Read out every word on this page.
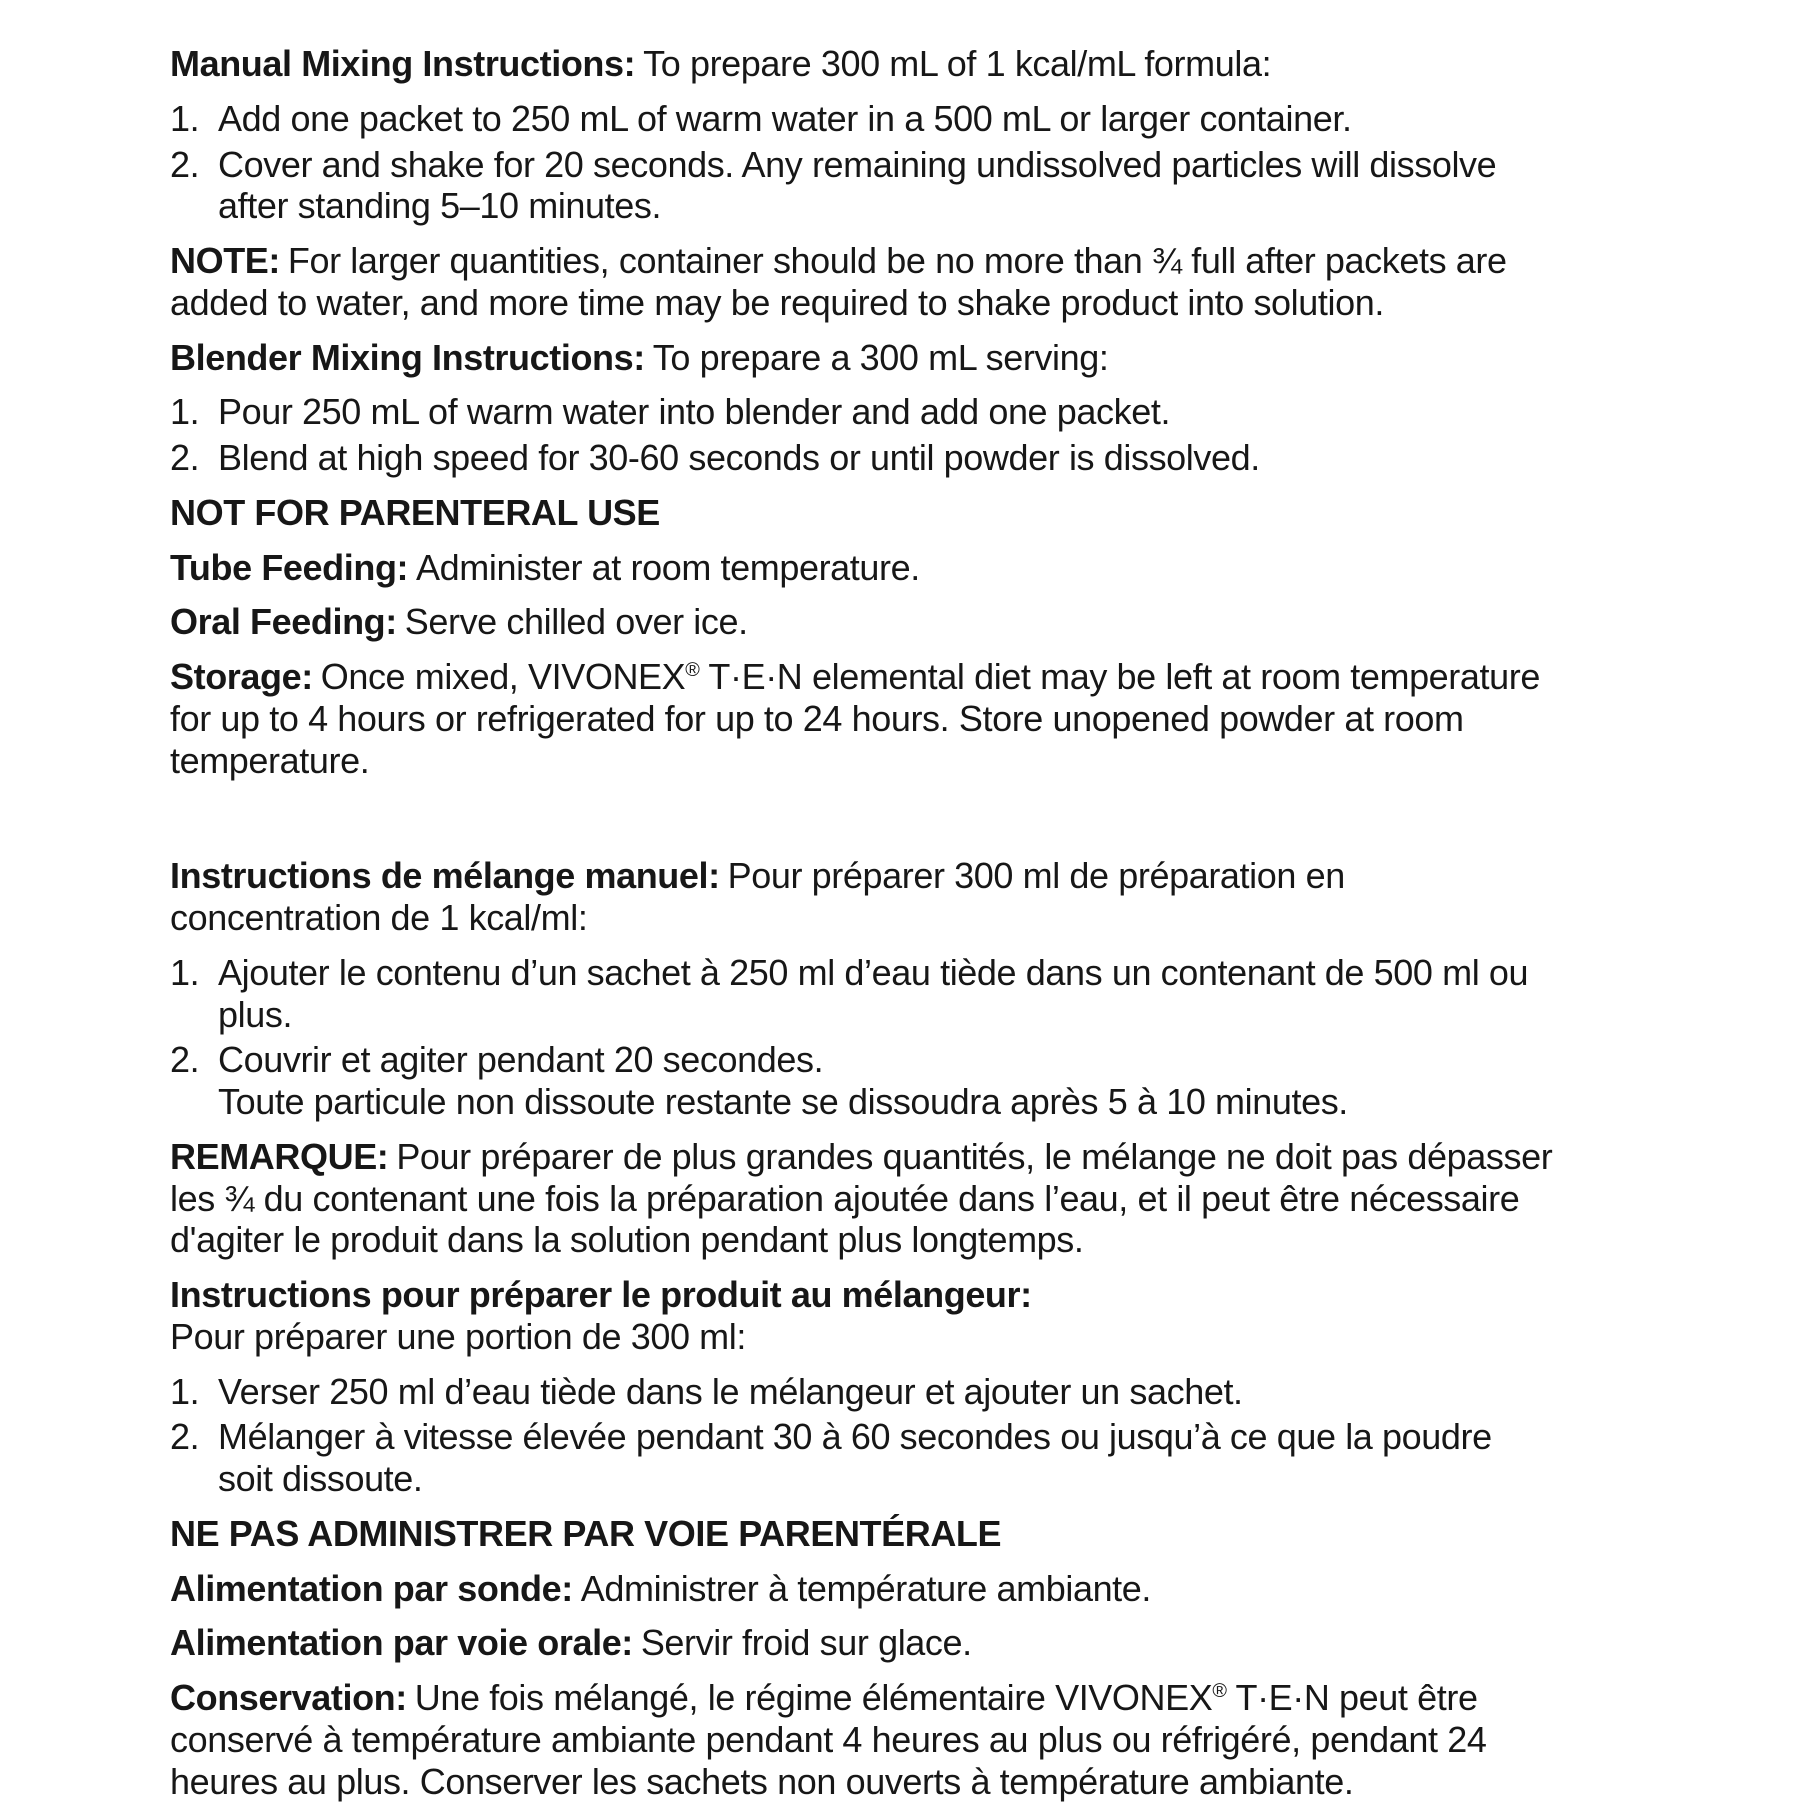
Manual Mixing Instructions: To prepare 300 mL of 1 kcal/mL formula:
1. Add one packet to 250 mL of warm water in a 500 mL or larger container.
2. Cover and shake for 20 seconds. Any remaining undissolved particles will dissolve after standing 5–10 minutes.
NOTE: For larger quantities, container should be no more than ¾ full after packets are added to water, and more time may be required to shake product into solution.
Blender Mixing Instructions: To prepare a 300 mL serving:
1. Pour 250 mL of warm water into blender and add one packet.
2. Blend at high speed for 30-60 seconds or until powder is dissolved.
NOT FOR PARENTERAL USE
Tube Feeding: Administer at room temperature.
Oral Feeding: Serve chilled over ice.
Storage: Once mixed, VIVONEX® T·E·N elemental diet may be left at room temperature for up to 4 hours or refrigerated for up to 24 hours. Store unopened powder at room temperature.
Instructions de mélange manuel: Pour préparer 300 ml de préparation en concentration de 1 kcal/ml:
1. Ajouter le contenu d’un sachet à 250 ml d’eau tiède dans un contenant de 500 ml ou plus.
2. Couvrir et agiter pendant 20 secondes.
Toute particule non dissoute restante se dissoudra après 5 à 10 minutes.
REMARQUE: Pour préparer de plus grandes quantités, le mélange ne doit pas dépasser les ¾ du contenant une fois la préparation ajoutée dans l’eau, et il peut être nécessaire d'agiter le produit dans la solution pendant plus longtemps.
Instructions pour préparer le produit au mélangeur:
Pour préparer une portion de 300 ml:
1. Verser 250 ml d’eau tiède dans le mélangeur et ajouter un sachet.
2. Mélanger à vitesse élevée pendant 30 à 60 secondes ou jusqu’à ce que la poudre soit dissoute.
NE PAS ADMINISTRER PAR VOIE PARENTÉRALE
Alimentation par sonde: Administrer à température ambiante.
Alimentation par voie orale: Servir froid sur glace.
Conservation: Une fois mélangé, le régime élémentaire VIVONEX® T·E·N peut être conservé à température ambiante pendant 4 heures au plus ou réfrigéré, pendant 24 heures au plus. Conserver les sachets non ouverts à température ambiante.
